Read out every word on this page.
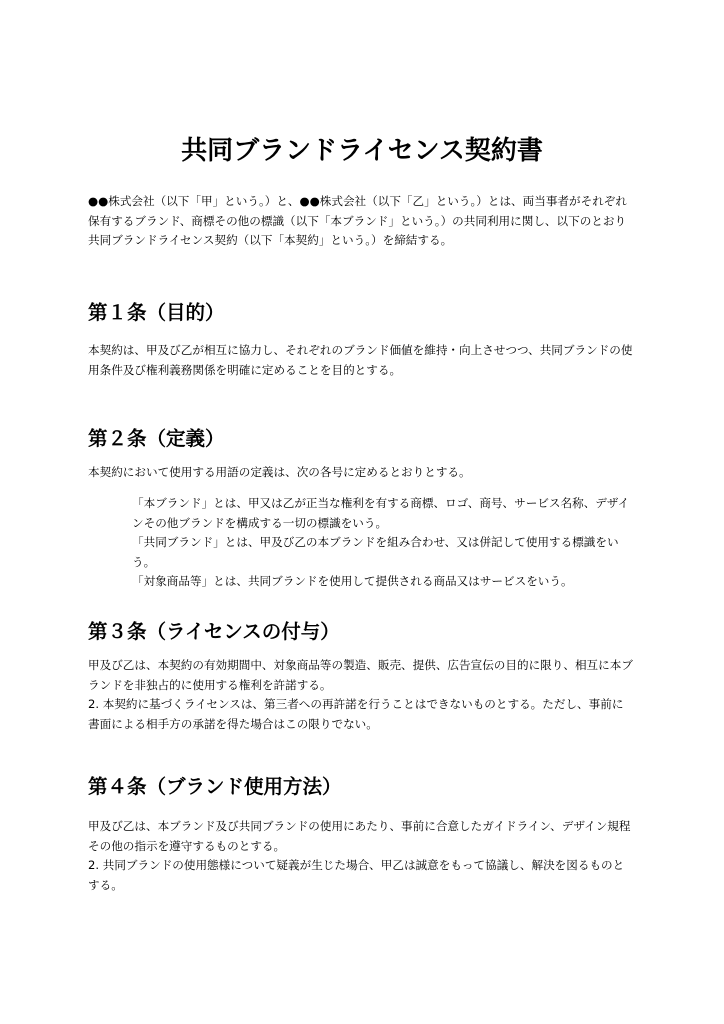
共同ブランドライセンス契約書

●●株式会社（以下「甲」という。）と、●●株式会社（以下「乙」という。）とは、両当事者がそれぞれ保有するブランド、商標その他の標識（以下「本ブランド」という。）の共同利用に関し、以下のとおり共同ブランドライセンス契約（以下「本契約」という。）を締結する。

第１条（目的）

本契約は、甲及び乙が相互に協力し、それぞれのブランド価値を維持・向上させつつ、共同ブランドの使用条件及び権利義務関係を明確に定めることを目的とする。

第２条（定義）

本契約において使用する用語の定義は、次の各号に定めるとおりとする。

「本ブランド」とは、甲又は乙が正当な権利を有する商標、ロゴ、商号、サービス名称、デザインその他ブランドを構成する一切の標識をいう。
「共同ブランド」とは、甲及び乙の本ブランドを組み合わせ、又は併記して使用する標識をいう。
「対象商品等」とは、共同ブランドを使用して提供される商品又はサービスをいう。
第３条（ライセンスの付与）

甲及び乙は、本契約の有効期間中、対象商品等の製造、販売、提供、広告宣伝の目的に限り、相互に本ブランドを非独占的に使用する権利を許諾する。

2. 本契約に基づくライセンスは、第三者への再許諾を行うことはできないものとする。ただし、事前に書面による相手方の承諾を得た場合はこの限りでない。

第４条（ブランド使用方法）

甲及び乙は、本ブランド及び共同ブランドの使用にあたり、事前に合意したガイドライン、デザイン規程その他の指示を遵守するものとする。

2. 共同ブランドの使用態様について疑義が生じた場合、甲乙は誠意をもって協議し、解決を図るものとする。
